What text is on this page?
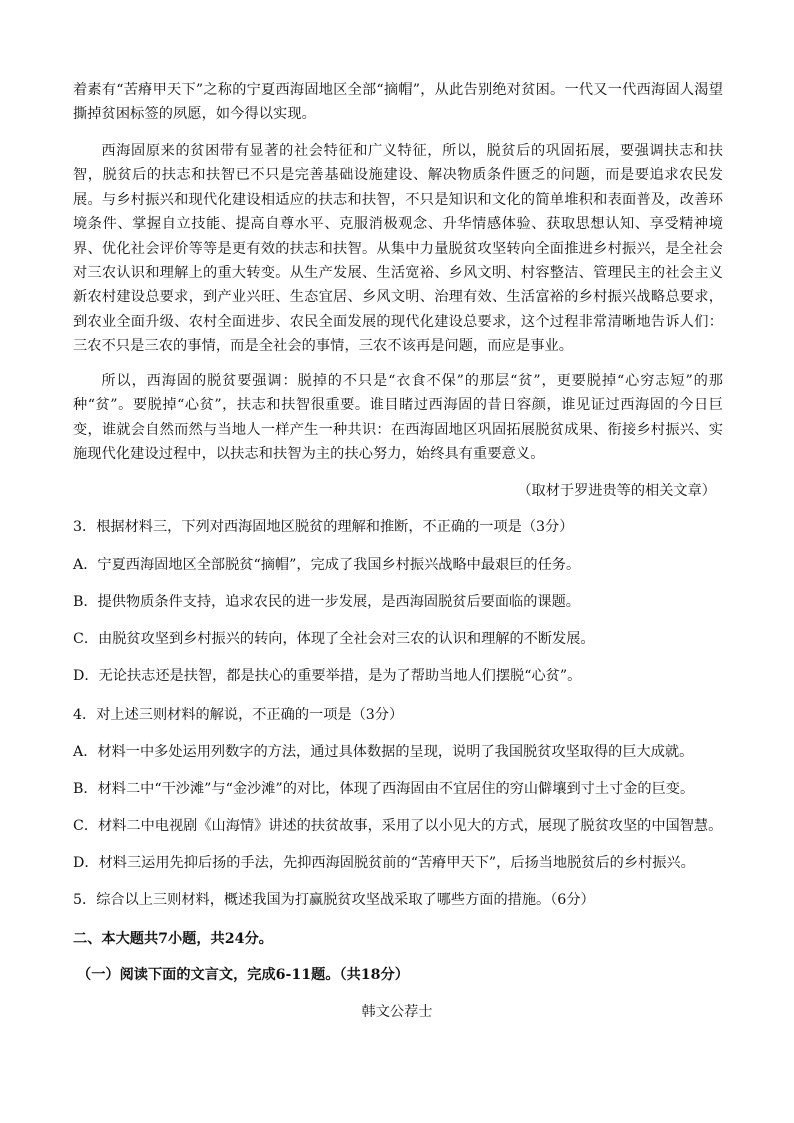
着素有“苦瘠甲天下”之称的宁夏西海固地区全部“摘帽”，从此告别绝对贫困。一代又一代西海固人渴望撕掉贫困标签的夙愿，如今得以实现。

西海固原来的贫困带有显著的社会特征和广义特征，所以，脱贫后的巩固拓展，要强调扶志和扶智，脱贫后的扶志和扶智已不只是完善基础设施建设、解决物质条件匮乏的问题，而是要追求农民发展。与乡村振兴和现代化建设相适应的扶志和扶智，不只是知识和文化的简单堆积和表面普及，改善环境条件、掌握自立技能、提高自尊水平、克服消极观念、升华情感体验、获取思想认知、享受精神境界、优化社会评价等等是更有效的扶志和扶智。从集中力量脱贫攻坚转向全面推进乡村振兴，是全社会对三农认识和理解上的重大转变。从生产发展、生活宽裕、乡风文明、村容整洁、管理民主的社会主义新农村建设总要求，到产业兴旺、生态宜居、乡风文明、治理有效、生活富裕的乡村振兴战略总要求，到农业全面升级、农村全面进步、农民全面发展的现代化建设总要求，这个过程非常清晰地告诉人们：三农不只是三农的事情，而是全社会的事情，三农不该再是问题，而应是事业。

所以，西海固的脱贫要强调：脱掉的不只是“衣食不保”的那层“贫”，更要脱掉“心穷志短”的那种“贫”。要脱掉“心贫”，扶志和扶智很重要。谁目睹过西海固的昔日容颜，谁见证过西海固的今日巨变，谁就会自然而然与当地人一样产生一种共识：在西海固地区巩固拓展脱贫成果、衔接乡村振兴、实施现代化建设过程中，以扶志和扶智为主的扶心努力，始终具有重要意义。

（取材于罗进贵等的相关文章）

3．根据材料三，下列对西海固地区脱贫的理解和推断，不正确的一项是（3分）

A．宁夏西海固地区全部脱贫“摘帽”，完成了我国乡村振兴战略中最艰巨的任务。

B．提供物质条件支持，追求农民的进一步发展，是西海固脱贫后要面临的课题。

C．由脱贫攻坚到乡村振兴的转向，体现了全社会对三农的认识和理解的不断发展。

D．无论扶志还是扶智，都是扶心的重要举措，是为了帮助当地人们摆脱“心贫”。

4．对上述三则材料的解说，不正确的一项是（3分）

A．材料一中多处运用列数字的方法，通过具体数据的呈现，说明了我国脱贫攻坚取得的巨大成就。

B．材料二中“干沙滩”与“金沙滩”的对比，体现了西海固由不宜居住的穷山僻壤到寸土寸金的巨变。

C．材料二中电视剧《山海情》讲述的扶贫故事，采用了以小见大的方式，展现了脱贫攻坚的中国智慧。

D．材料三运用先抑后扬的手法，先抑西海固脱贫前的“苦瘠甲天下”，后扬当地脱贫后的乡村振兴。

5．综合以上三则材料，概述我国为打赢脱贫攻坚战采取了哪些方面的措施。（6分）

二、本大题共7小题，共24分。

（一）阅读下面的文言文，完成6-11题。（共18分）

韩文公荐士
